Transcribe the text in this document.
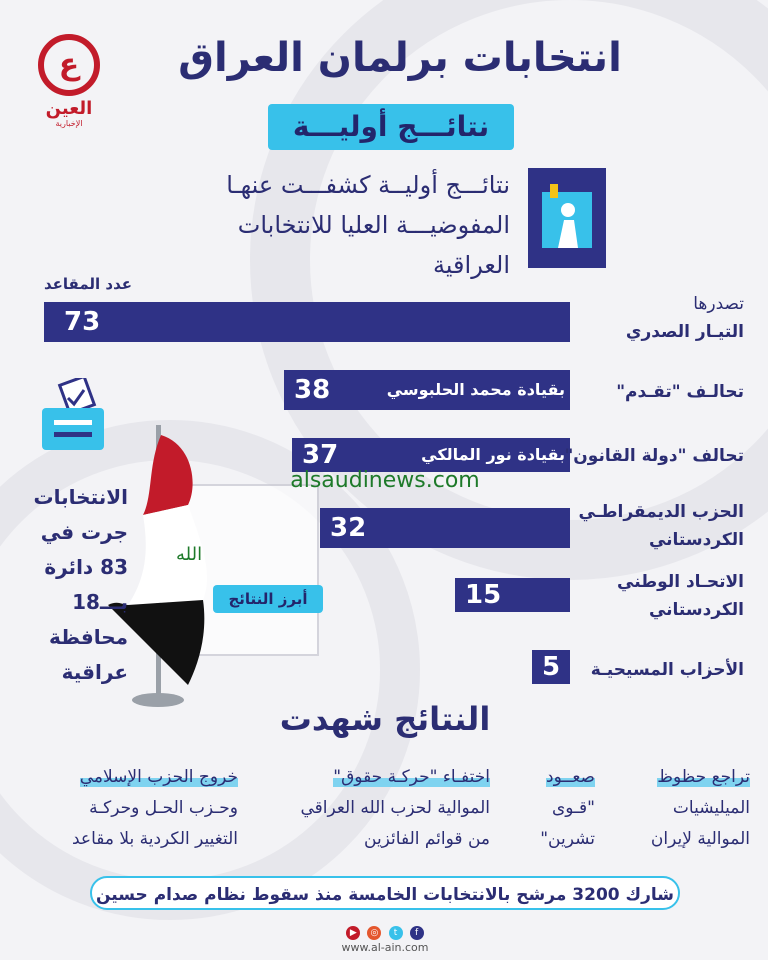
ع
العين
الإخبارية
انتخابات برلمان العراق
نتائـــج أوليـــة
نتائـــج أوليــة كشفـــت عنهـا
المفوضيـــة العليا للانتخابات
العراقية
عدد المقاعد
73
38	بقيادة محمد الحلبوسي
37	بقيادة نور المالكي
32
15
5
تصدرها
التيـار الصدري
تحالـف "تقـدم"
تحالف "دولة القانون"
الحزب الديمقراطـي
الكردستاني
الاتحـاد الوطني
الكردستاني
الأحزاب المسيحيـة
الله
أبرز النتائج
alsaudinews.com
الانتخابات
جرت في
83 دائرة
بـــ18
محافظة
عراقية
النتائج شهدت
تراجع حظوظ
الميليشيات
الموالية لإيران
صعــود
"قـوى
تشرين"
اختفـاء "حركـة حقوق"
الموالية لحزب الله العراقي
من قوائم الفائزين
خروج الحزب الإسلامي
وحـزب الحـل وحركـة
التغيير الكردية بلا مقاعد
شارك 3200 مرشح بالانتخابات الخامسة منذ سقوط نظام صدام حسين
▶ ◎ t f
www.al-ain.com
